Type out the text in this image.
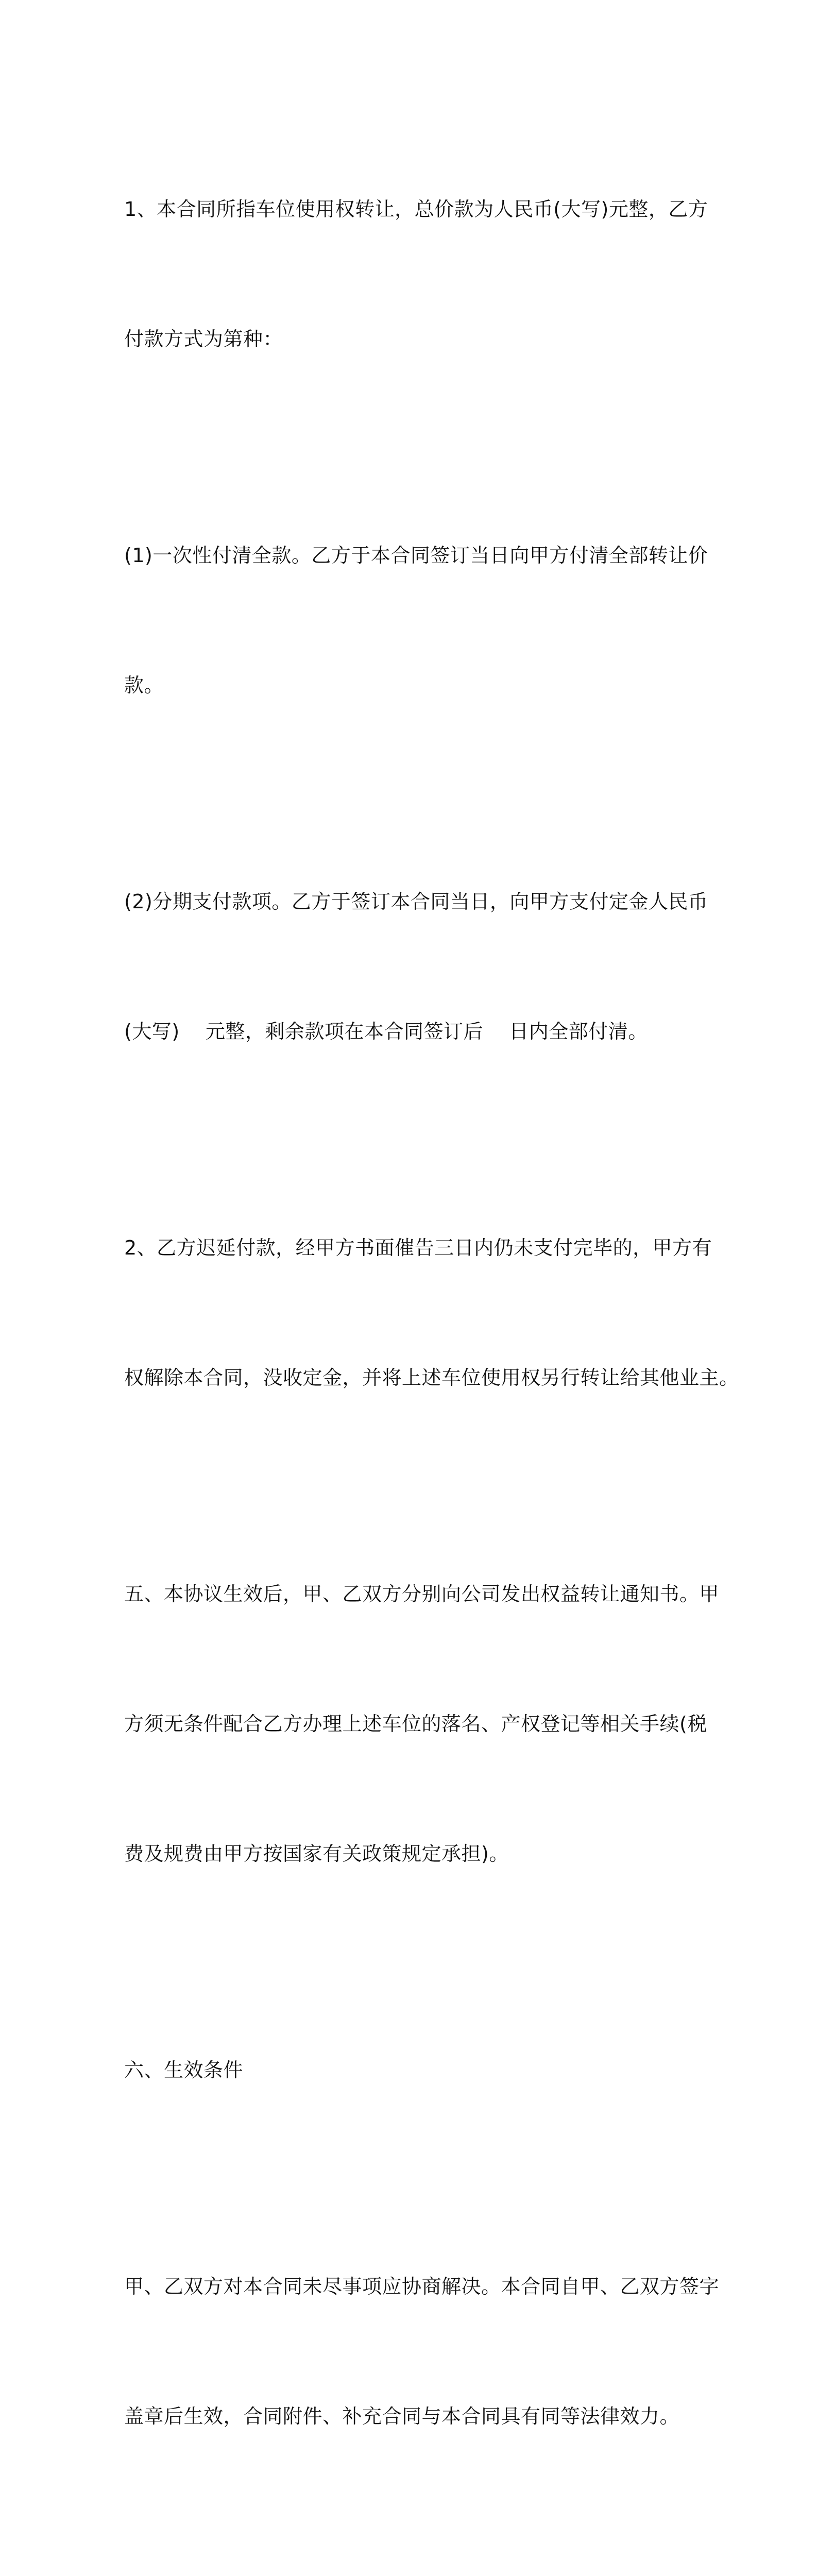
1、本合同所指车位使用权转让，总价款为人民币(大写)元整，乙方

付款方式为第种：

(1)一次性付清全款。乙方于本合同签订当日向甲方付清全部转让价

款。

(2)分期支付款项。乙方于签订本合同当日，向甲方支付定金人民币

(大写)    元整，剩余款项在本合同签订后    日内全部付清。

2、乙方迟延付款，经甲方书面催告三日内仍未支付完毕的，甲方有

权解除本合同，没收定金，并将上述车位使用权另行转让给其他业主。

五、本协议生效后，甲、乙双方分别向公司发出权益转让通知书。甲

方须无条件配合乙方办理上述车位的落名、产权登记等相关手续(税

费及规费由甲方按国家有关政策规定承担)。

六、生效条件

甲、乙双方对本合同未尽事项应协商解决。本合同自甲、乙双方签字

盖章后生效，合同附件、补充合同与本合同具有同等法律效力。
